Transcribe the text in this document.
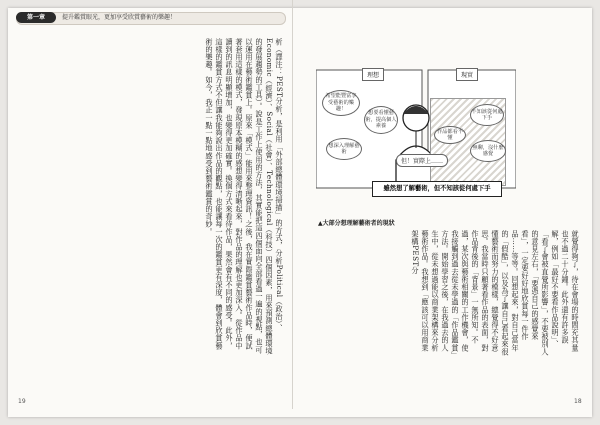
第一章	提升鑑賞眼光，更加享受欣賞藝術的樂趣！
析（譯注：PEST分析，是利用「外部總體環境掃描」的方式，分析Political（政治）、Economic（經濟）、Social（社會）、Technological（科技）四個因素，用來預測總體環境的發展趨勢的工具）。說是工作上使用的方法，其實能把這四個面向全部看過一遍的視點，也可以運用在藝術鑑賞上。原來「模式」能用來整理資訊！之後，我在實際鑑賞藝術作品時，便試著套用這樣的模式，發現原本模糊的感想變得清晰起來，對作品的理解也更加深入。從作品中讀到的訊息明顯增加，也變得更加確實。換個方式來看待作品，果然會有不同的感受。此外，這樣的鑑賞方式不但讓我能夠說出作品的觀點，也能讓每一次的鑑賞更有深度，體會到欣賞藝術的樂趣。如今，我正一點一點地感受到藝術鑑賞的奇妙。
19
理想	現實
希望能豐富享受藝術的樂趣！
想要看懂藝術，提高個人素養
想深入理解藝術
不知該從何處下手
作品都看不懂
無聊，沒什麼感覺
但！實際上……
雖然想了解藝術，但不知該從何處下手
▲大部分想理解藝術者的現狀
就覺得夠了，待在會場的時間充其量也不過二十分鐘。此外還有許多誤解，例如「最好不要看作品說明」、「看了會被直覺所影響」，不要被別人的意見左右，「要憑自己的感覺來看」，一定要好好地欣賞每一件作品……等等。回想起來，對自己當年的「假酷」，以及為了讓自己看起來很懂藝術而努力的模樣，總覺得不好意思。我當時只顧著看作品的表面，對作品背後的「背景」一無所知。不過，某次與藝術相關的工作機會，使我接觸到過去從未學過的「作品鑑賞」方法。開始學習之後，在我過去的人生中，從未想過能以商業架構來分析藝術作品。我想到「應該可以用商業架構PEST分
18
